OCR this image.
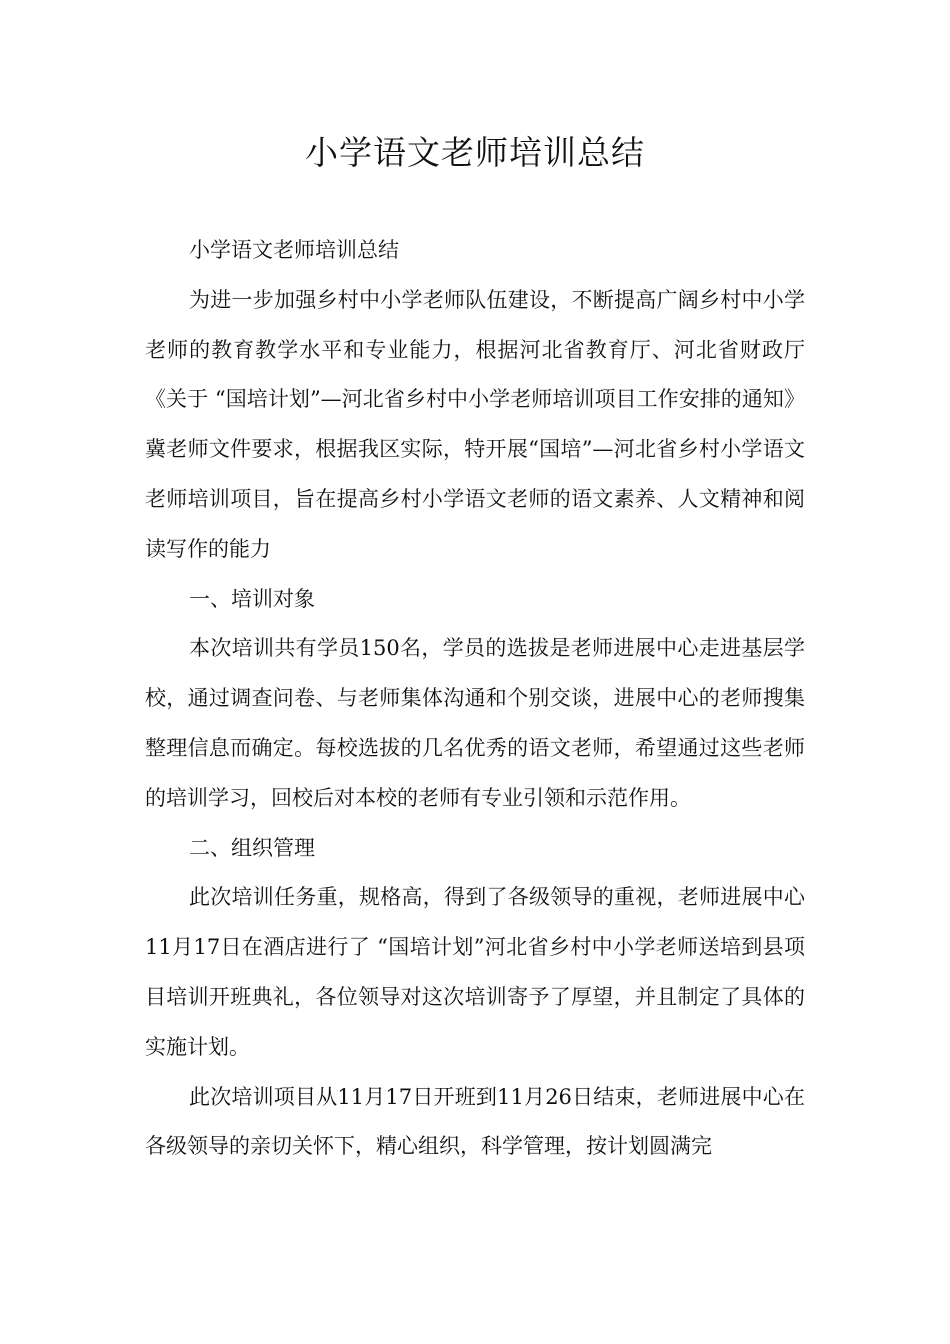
小学语文老师培训总结

小学语文老师培训总结

为进一步加强乡村中小学老师队伍建设，不断提高广阔乡村中小学老师的教育教学水平和专业能力，根据河北省教育厅、河北省财政厅《关于 “国培计划”—河北省乡村中小学老师培训项目工作安排的通知》冀老师文件要求，根据我区实际，特开展“国培”—河北省乡村小学语文老师培训项目，旨在提高乡村小学语文老师的语文素养、人文精神和阅读写作的能力

一、培训对象

本次培训共有学员150名，学员的选拔是老师进展中心走进基层学校，通过调查问卷、与老师集体沟通和个别交谈，进展中心的老师搜集整理信息而确定。每校选拔的几名优秀的语文老师，希望通过这些老师的培训学习，回校后对本校的老师有专业引领和示范作用。

二、组织管理

此次培训任务重，规格高，得到了各级领导的重视，老师进展中心11月17日在酒店进行了 “国培计划”河北省乡村中小学老师送培到县项目培训开班典礼，各位领导对这次培训寄予了厚望，并且制定了具体的实施计划。

此次培训项目从11月17日开班到11月26日结束，老师进展中心在各级领导的亲切关怀下，精心组织，科学管理，按计划圆满完
